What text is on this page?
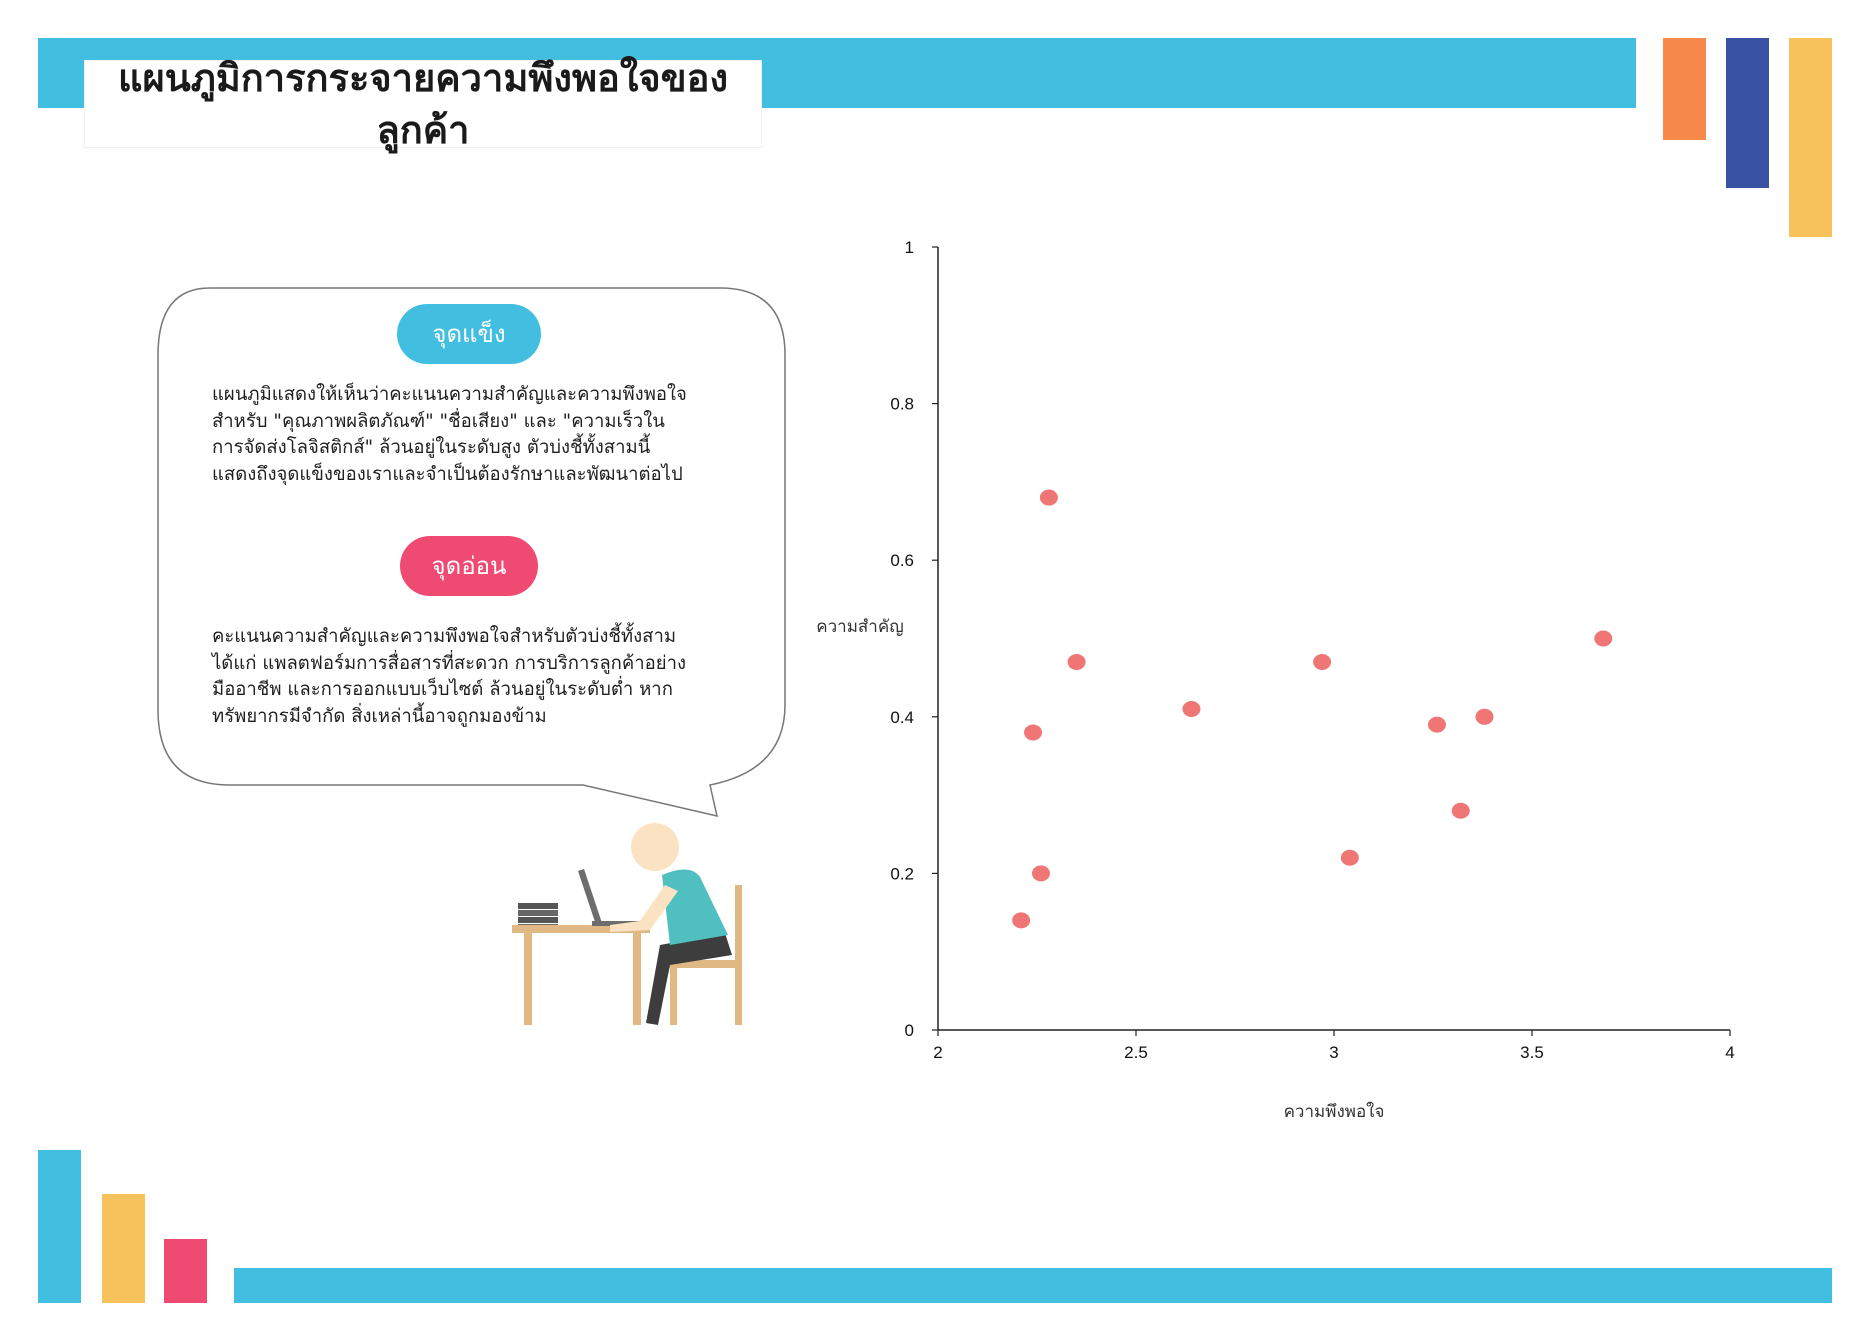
แผนภูมิการกระจายความพึงพอใจของลูกค้า
จุดแข็ง
แผนภูมิแสดงให้เห็นว่าคะแนนความสำคัญและความพึงพอใจ
สำหรับ "คุณภาพผลิตภัณฑ์" "ชื่อเสียง" และ "ความเร็วใน
การจัดส่งโลจิสติกส์" ล้วนอยู่ในระดับสูง ตัวบ่งชี้ทั้งสามนี้
แสดงถึงจุดแข็งของเราและจำเป็นต้องรักษาและพัฒนาต่อไป
จุดอ่อน
คะแนนความสำคัญและความพึงพอใจสำหรับตัวบ่งชี้ทั้งสาม
ได้แก่ แพลตฟอร์มการสื่อสารที่สะดวก การบริการลูกค้าอย่าง
มืออาชีพ และการออกแบบเว็บไซต์ ล้วนอยู่ในระดับต่ำ หาก
ทรัพยากรมีจำกัด สิ่งเหล่านี้อาจถูกมองข้าม
2	2.5	3	3.5	4
0
0.2
0.4
0.6
0.8
1
ความพึงพอใจ
ความสำคัญ
